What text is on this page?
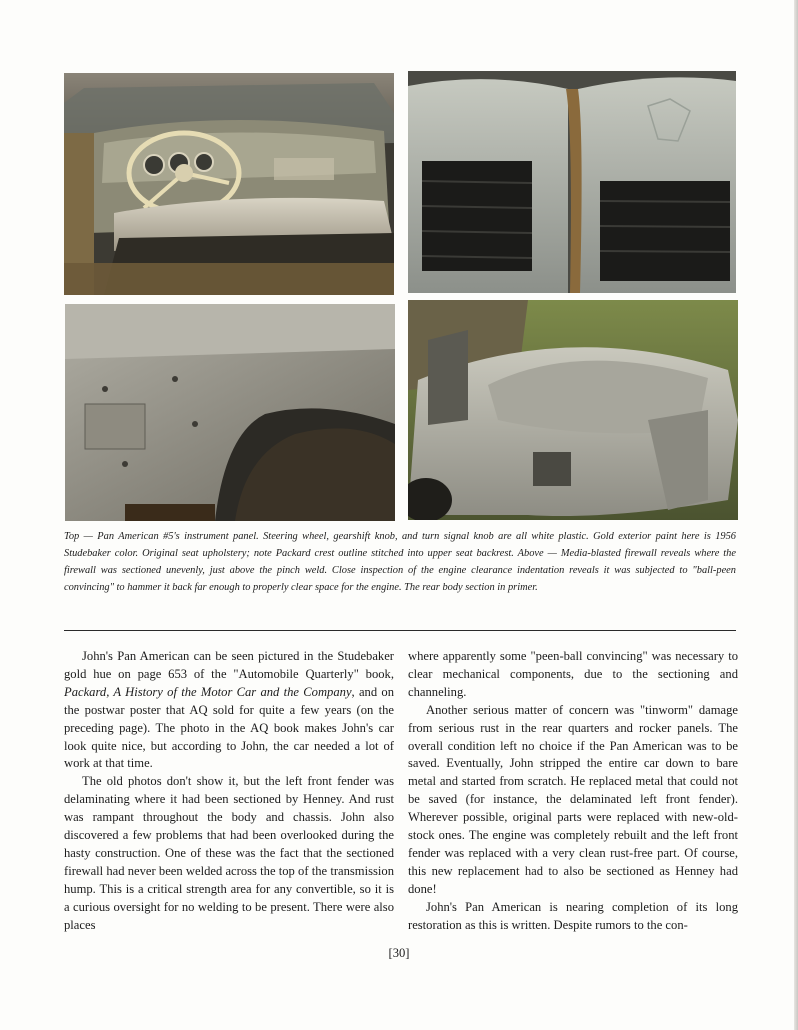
Top — Pan American #5's instrument panel. Steering wheel, gearshift knob, and turn signal knob are all white plastic. Gold exterior paint here is 1956 Studebaker color. Original seat upholstery; note Packard crest outline stitched into upper seat backrest. Above — Media-blasted firewall reveals where the firewall was sectioned unevenly, just above the pinch weld. Close inspection of the engine clearance indentation reveals it was subjected to "ball-peen convincing" to hammer it back far enough to properly clear space for the engine. The rear body section in primer.

John's Pan American can be seen pictured in the Studebaker gold hue on page 653 of the "Automobile Quarterly" book, Packard, A History of the Motor Car and the Company, and on the postwar poster that AQ sold for quite a few years (on the preceding page). The photo in the AQ book makes John's car look quite nice, but according to John, the car needed a lot of work at that time.

The old photos don't show it, but the left front fender was delaminating where it had been sectioned by Henney. And rust was rampant throughout the body and chassis. John also discovered a few problems that had been overlooked during the hasty construction. One of these was the fact that the sectioned firewall had never been welded across the top of the transmission hump. This is a critical strength area for any convertible, so it is a curious oversight for no welding to be present. There were also places

where apparently some "peen-ball convincing" was necessary to clear mechanical components, due to the sectioning and channeling.

Another serious matter of concern was "tinworm" damage from serious rust in the rear quarters and rocker panels. The overall condition left no choice if the Pan American was to be saved. Eventually, John stripped the entire car down to bare metal and started from scratch. He replaced metal that could not be saved (for instance, the delaminated left front fender). Wherever possible, original parts were replaced with new-old-stock ones. The engine was completely rebuilt and the left front fender was replaced with a very clean rust-free part. Of course, this new replacement had to also be sectioned as Henney had done!

John's Pan American is nearing completion of its long restoration as this is written. Despite rumors to the con-

[30]
